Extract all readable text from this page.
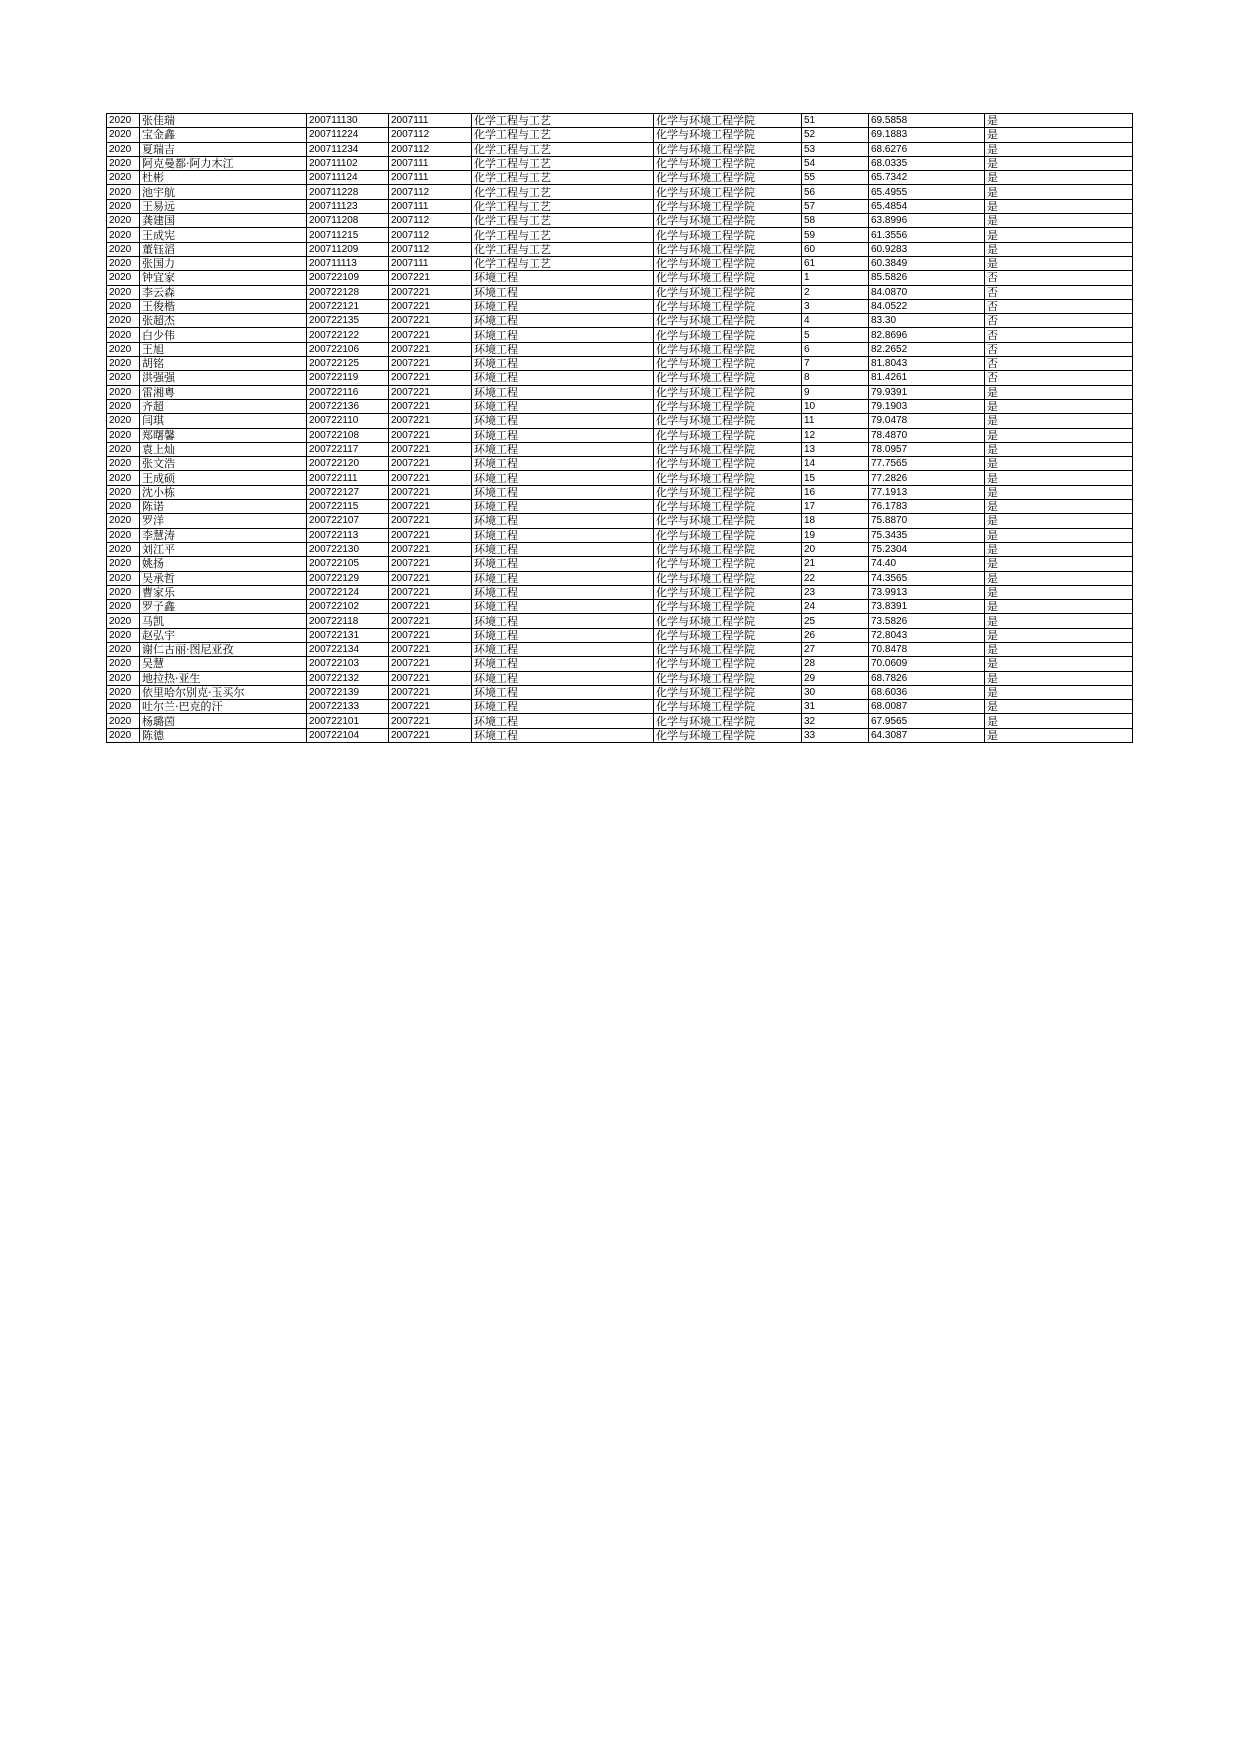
2020	张佳瑞	200711130	2007111	化学工程与工艺	化学与环境工程学院	51	69.5858	是
2020	宝金鑫	200711224	2007112	化学工程与工艺	化学与环境工程学院	52	69.1883	是
2020	夏瑞吉	200711234	2007112	化学工程与工艺	化学与环境工程学院	53	68.6276	是
2020	阿克曼都·阿力木江	200711102	2007111	化学工程与工艺	化学与环境工程学院	54	68.0335	是
2020	杜彬	200711124	2007111	化学工程与工艺	化学与环境工程学院	55	65.7342	是
2020	池宇航	200711228	2007112	化学工程与工艺	化学与环境工程学院	56	65.4955	是
2020	王易远	200711123	2007111	化学工程与工艺	化学与环境工程学院	57	65.4854	是
2020	龚建国	200711208	2007112	化学工程与工艺	化学与环境工程学院	58	63.8996	是
2020	王成宪	200711215	2007112	化学工程与工艺	化学与环境工程学院	59	61.3556	是
2020	董钰滔	200711209	2007112	化学工程与工艺	化学与环境工程学院	60	60.9283	是
2020	张国力	200711113	2007111	化学工程与工艺	化学与环境工程学院	61	60.3849	是
2020	钟宜家	200722109	2007221	环境工程	化学与环境工程学院	1	85.5826	否
2020	李云森	200722128	2007221	环境工程	化学与环境工程学院	2	84.0870	否
2020	王俊楷	200722121	2007221	环境工程	化学与环境工程学院	3	84.0522	否
2020	张超杰	200722135	2007221	环境工程	化学与环境工程学院	4	83.30	否
2020	白少伟	200722122	2007221	环境工程	化学与环境工程学院	5	82.8696	否
2020	王旭	200722106	2007221	环境工程	化学与环境工程学院	6	82.2652	否
2020	胡铭	200722125	2007221	环境工程	化学与环境工程学院	7	81.8043	否
2020	洪强强	200722119	2007221	环境工程	化学与环境工程学院	8	81.4261	否
2020	雷湘粤	200722116	2007221	环境工程	化学与环境工程学院	9	79.9391	是
2020	齐超	200722136	2007221	环境工程	化学与环境工程学院	10	79.1903	是
2020	闫琪	200722110	2007221	环境工程	化学与环境工程学院	11	79.0478	是
2020	郑曙馨	200722108	2007221	环境工程	化学与环境工程学院	12	78.4870	是
2020	袁上灿	200722117	2007221	环境工程	化学与环境工程学院	13	78.0957	是
2020	张文浩	200722120	2007221	环境工程	化学与环境工程学院	14	77.7565	是
2020	王成硕	200722111	2007221	环境工程	化学与环境工程学院	15	77.2826	是
2020	沈小栋	200722127	2007221	环境工程	化学与环境工程学院	16	77.1913	是
2020	陈诺	200722115	2007221	环境工程	化学与环境工程学院	17	76.1783	是
2020	罗洋	200722107	2007221	环境工程	化学与环境工程学院	18	75.8870	是
2020	李慧涛	200722113	2007221	环境工程	化学与环境工程学院	19	75.3435	是
2020	刘江平	200722130	2007221	环境工程	化学与环境工程学院	20	75.2304	是
2020	姚扬	200722105	2007221	环境工程	化学与环境工程学院	21	74.40	是
2020	吴承哲	200722129	2007221	环境工程	化学与环境工程学院	22	74.3565	是
2020	曹家乐	200722124	2007221	环境工程	化学与环境工程学院	23	73.9913	是
2020	罗子鑫	200722102	2007221	环境工程	化学与环境工程学院	24	73.8391	是
2020	马凯	200722118	2007221	环境工程	化学与环境工程学院	25	73.5826	是
2020	赵弘宇	200722131	2007221	环境工程	化学与环境工程学院	26	72.8043	是
2020	谢仁古丽·图尼亚孜	200722134	2007221	环境工程	化学与环境工程学院	27	70.8478	是
2020	吴慧	200722103	2007221	环境工程	化学与环境工程学院	28	70.0609	是
2020	地拉热·亚生	200722132	2007221	环境工程	化学与环境工程学院	29	68.7826	是
2020	依里哈尔别克·玉买尔	200722139	2007221	环境工程	化学与环境工程学院	30	68.6036	是
2020	吐尔兰·巴克的汗	200722133	2007221	环境工程	化学与环境工程学院	31	68.0087	是
2020	杨璐茵	200722101	2007221	环境工程	化学与环境工程学院	32	67.9565	是
2020	陈德	200722104	2007221	环境工程	化学与环境工程学院	33	64.3087	是
